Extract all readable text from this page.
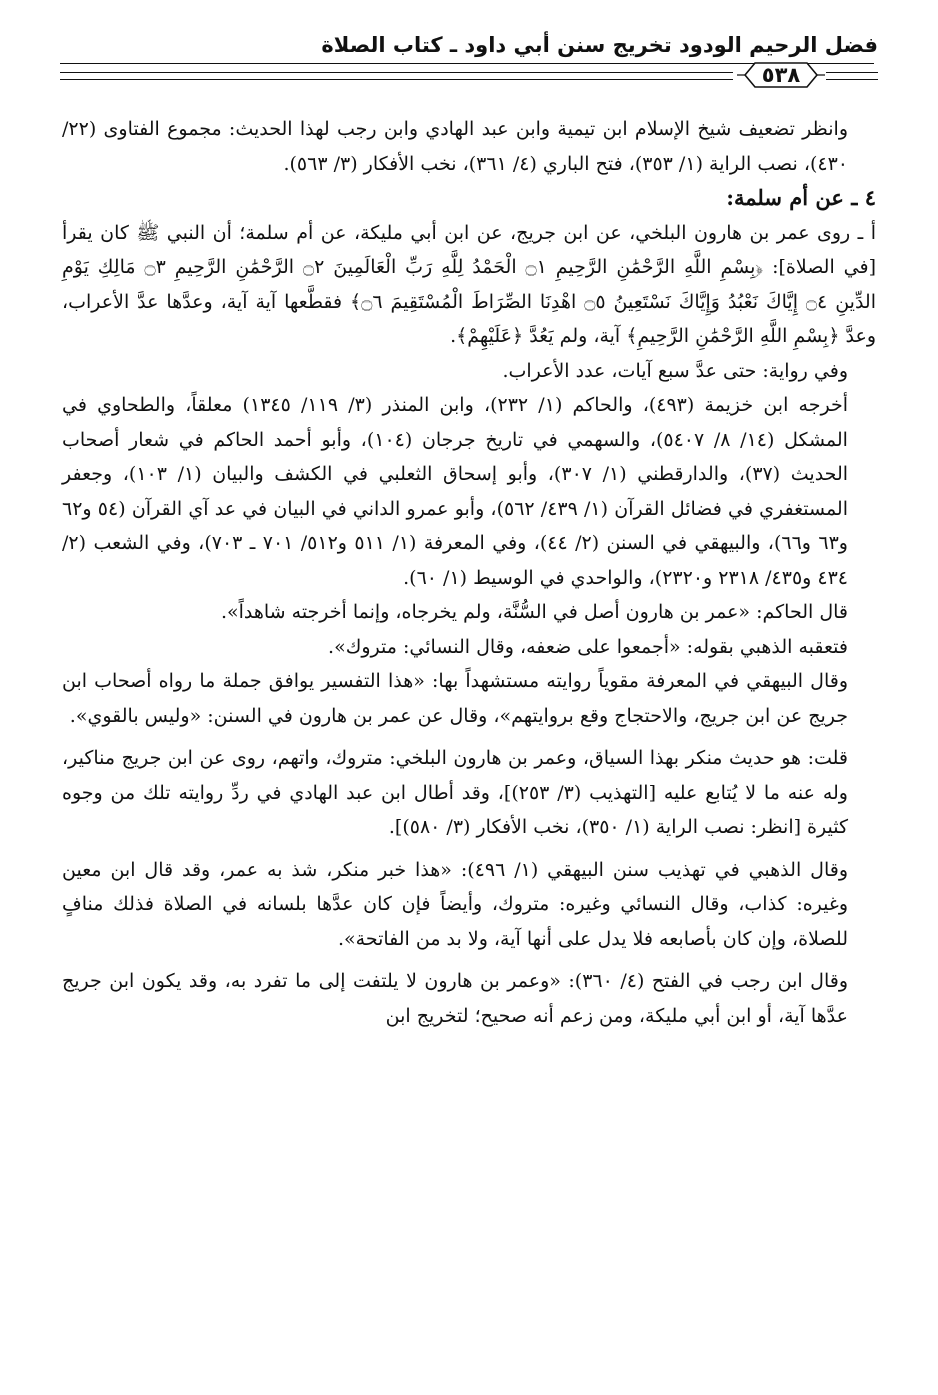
فضل الرحيم الودود تخريج سنن أبي داود ـ كتاب الصلاة
٥٣٨

وانظر تضعيف شيخ الإسلام ابن تيمية وابن عبد الهادي وابن رجب لهذا الحديث: مجموع الفتاوى (٢٢/ ٤٣٠)، نصب الراية (١/ ٣٥٣)، فتح الباري (٤/ ٣٦١)، نخب الأفكار (٣/ ٥٦٣).

٤ ـ عن أم سلمة:

أ ـ روى عمر بن هارون البلخي، عن ابن جريج، عن ابن أبي مليكة، عن أم سلمة؛ أن النبي ﷺ كان يقرأ [في الصلاة]: ﴿بِسْمِ اللَّهِ الرَّحْمَٰنِ الرَّحِيمِ ۝١ الْحَمْدُ لِلَّهِ رَبِّ الْعَالَمِينَ ۝٢ الرَّحْمَٰنِ الرَّحِيمِ ۝٣ مَالِكِ يَوْمِ الدِّينِ ۝٤ إِيَّاكَ نَعْبُدُ وَإِيَّاكَ نَسْتَعِينُ ۝٥ اهْدِنَا الصِّرَاطَ الْمُسْتَقِيمَ ۝٦﴾ فقطَّعها آية آية، وعدَّها عدَّ الأعراب، وعدَّ ﴿بِسْمِ اللَّهِ الرَّحْمَٰنِ الرَّحِيمِ﴾ آية، ولم يَعُدَّ ﴿عَلَيْهِمْ﴾.

وفي رواية: حتى عدَّ سبع آيات، عدد الأعراب.

أخرجه ابن خزيمة (٤٩٣)، والحاكم (١/ ٢٣٢)، وابن المنذر (٣/ ١١٩/ ١٣٤٥) معلقاً، والطحاوي في المشكل (١٤/ ٨/ ٥٤٠٧)، والسهمي في تاريخ جرجان (١٠٤)، وأبو أحمد الحاكم في شعار أصحاب الحديث (٣٧)، والدارقطني (١/ ٣٠٧)، وأبو إسحاق الثعلبي في الكشف والبيان (١/ ١٠٣)، وجعفر المستغفري في فضائل القرآن (١/ ٤٣٩/ ٥٦٢)، وأبو عمرو الداني في البيان في عد آي القرآن (٥٤ و٦٢ و٦٣ و٦٦)، والبيهقي في السنن (٢/ ٤٤)، وفي المعرفة (١/ ٥١١ و٥١٢/ ٧٠١ ـ ٧٠٣)، وفي الشعب (٢/ ٤٣٤ و٤٣٥/ ٢٣١٨ و٢٣٢٠)، والواحدي في الوسيط (١/ ٦٠).

قال الحاكم: «عمر بن هارون أصل في السُّنَّة، ولم يخرجاه، وإنما أخرجته شاهداً».

فتعقبه الذهبي بقوله: «أجمعوا على ضعفه، وقال النسائي: متروك».

وقال البيهقي في المعرفة مقوياً روايته مستشهداً بها: «هذا التفسير يوافق جملة ما رواه أصحاب ابن جريج عن ابن جريج، والاحتجاج وقع بروايتهم»، وقال عن عمر بن هارون في السنن: «وليس بالقوي».

قلت: هو حديث منكر بهذا السياق، وعمر بن هارون البلخي: متروك، واتهم، روى عن ابن جريج مناكير، وله عنه ما لا يُتابع عليه [التهذيب (٣/ ٢٥٣)]، وقد أطال ابن عبد الهادي في ردِّ روايته تلك من وجوه كثيرة [انظر: نصب الراية (١/ ٣٥٠)، نخب الأفكار (٣/ ٥٨٠)].

وقال الذهبي في تهذيب سنن البيهقي (١/ ٤٩٦): «هذا خبر منكر، شذ به عمر، وقد قال ابن معين وغيره: كذاب، وقال النسائي وغيره: متروك، وأيضاً فإن كان عدَّها بلسانه في الصلاة فذلك منافٍ للصلاة، وإن كان بأصابعه فلا يدل على أنها آية، ولا بد من الفاتحة».

وقال ابن رجب في الفتح (٤/ ٣٦٠): «وعمر بن هارون لا يلتفت إلى ما تفرد به، وقد يكون ابن جريج عدَّها آية، أو ابن أبي مليكة، ومن زعم أنه صحيح؛ لتخريج ابن
